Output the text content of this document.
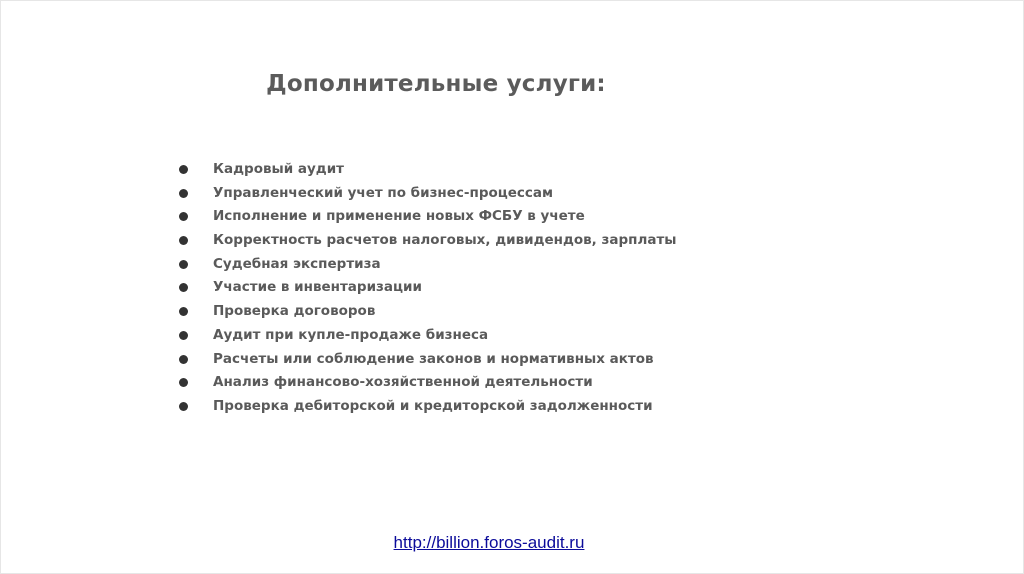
Дополнительные услуги:
Кадровый аудит
Управленческий учет по бизнес-процессам
Исполнение и применение новых ФСБУ в учете
Корректность расчетов налоговых, дивидендов, зарплаты
Судебная экспертиза
Участие в инвентаризации
Проверка договоров
Аудит при купле-продаже бизнеса
Расчеты или соблюдение законов и нормативных актов
Анализ финансово-хозяйственной деятельности
Проверка дебиторской и кредиторской задолженности
http://billion.foros-audit.ru
